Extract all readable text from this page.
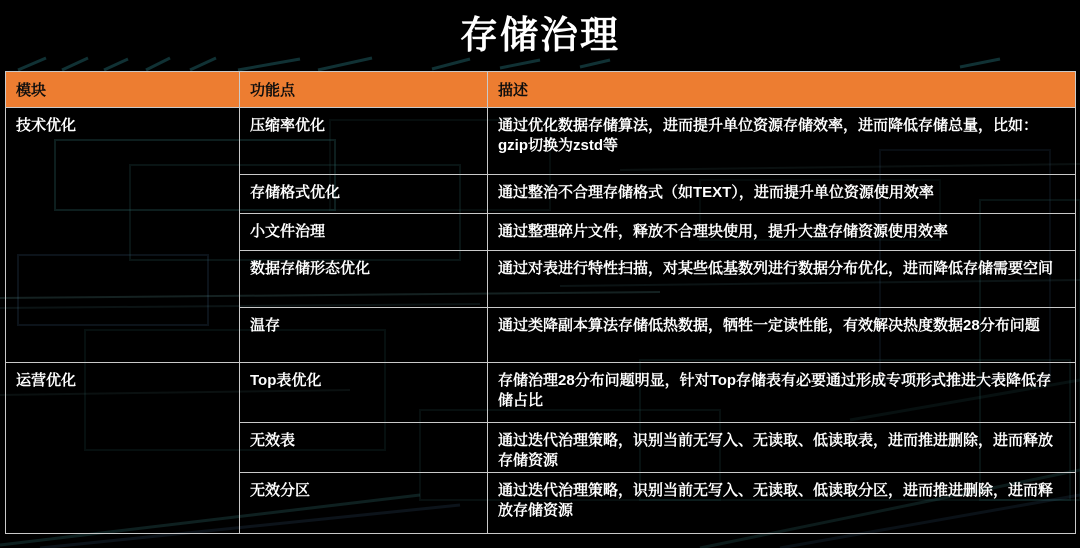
存储治理
模块	功能点	描述
技术优化	压缩率优化	通过优化数据存储算法，进而提升单位资源存储效率，进而降低存储总量，比如：gzip切换为zstd等
	存储格式优化	通过整治不合理存储格式（如TEXT），进而提升单位资源使用效率
	小文件治理	通过整理碎片文件，释放不合理块使用，提升大盘存储资源使用效率
	数据存储形态优化	通过对表进行特性扫描，对某些低基数列进行数据分布优化，进而降低存储需要空间
	温存	通过类降副本算法存储低热数据，牺牲一定读性能，有效解决热度数据28分布问题
运营优化	Top表优化	存储治理28分布问题明显，针对Top存储表有必要通过形成专项形式推进大表降低存储占比
	无效表	通过迭代治理策略，识别当前无写入、无读取、低读取表，进而推进删除，进而释放存储资源
	无效分区	通过迭代治理策略，识别当前无写入、无读取、低读取分区，进而推进删除，进而释放存储资源
